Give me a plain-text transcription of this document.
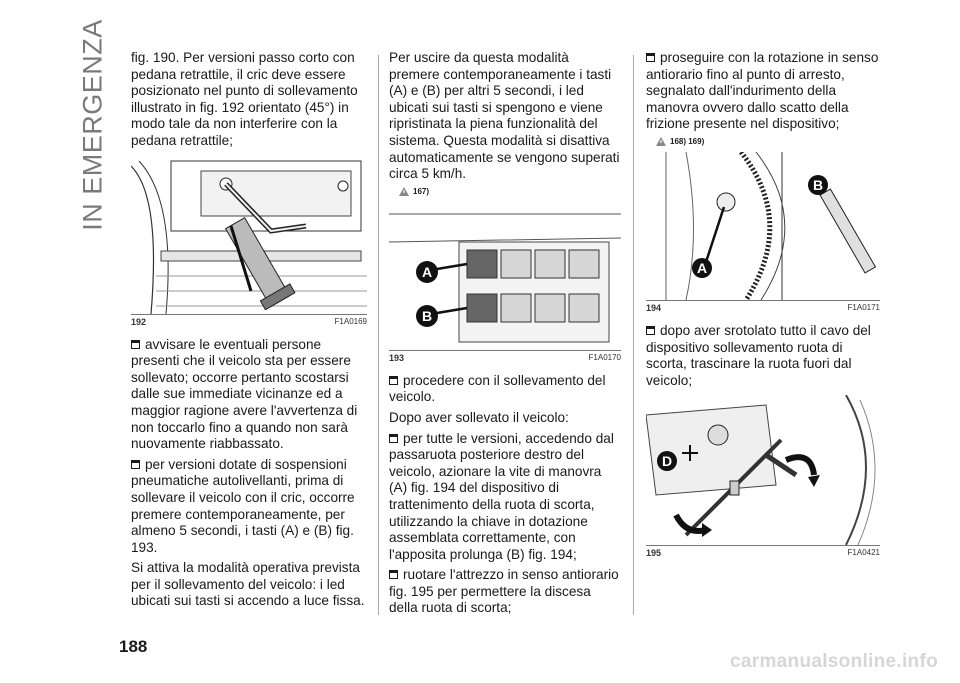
IN EMERGENZA fig. 190. Per versioni passo corto con pedana retrattile, il cric deve essere posizionato nel punto di sollevamento illustrato in fig. 192 orientato (45°) in modo tale da non interferire con la pedana retrattile;

192	F1A0169

avvisare le eventuali persone presenti che il veicolo sta per essere sollevato; occorre pertanto scostarsi dalle sue immediate vicinanze ed a maggior ragione avere l'avvertenza di non toccarlo fino a quando non sarà nuovamente riabbassato.

per versioni dotate di sospensioni pneumatiche autolivellanti, prima di sollevare il veicolo con il cric, occorre premere contemporaneamente, per almeno 5 secondi, i tasti (A) e (B) fig. 193.

Si attiva la modalità operativa prevista per il sollevamento del veicolo: i led ubicati sui tasti si accendo a luce fissa.

Per uscire da questa modalità premere contemporaneamente i tasti (A) e (B) per altri 5 secondi, i led ubicati sui tasti si spengono e viene ripristinata la piena funzionalità del sistema. Questa modalità si disattiva automaticamente se vengono superati circa 5 km/h.

167)
A
B
193	F1A0170

procedere con il sollevamento del veicolo.

Dopo aver sollevato il veicolo:

per tutte le versioni, accedendo dal passaruota posteriore destro del veicolo, azionare la vite di manovra (A) fig. 194 del dispositivo di trattenimento della ruota di scorta, utilizzando la chiave in dotazione assemblata correttamente, con l'apposita prolunga (B) fig. 194;

ruotare l'attrezzo in senso antiorario fig. 195 per permettere la discesa della ruota di scorta;

proseguire con la rotazione in senso antiorario fino al punto di arresto, segnalato dall'indurimento della manovra ovvero dallo scatto della frizione presente nel dispositivo;

168) 169)
A
B
194	F1A0171

dopo aver srotolato tutto il cavo del dispositivo sollevamento ruota di scorta, trascinare la ruota fuori dal veicolo;

D
195	F1A0421
188
carmanualsonline.info
